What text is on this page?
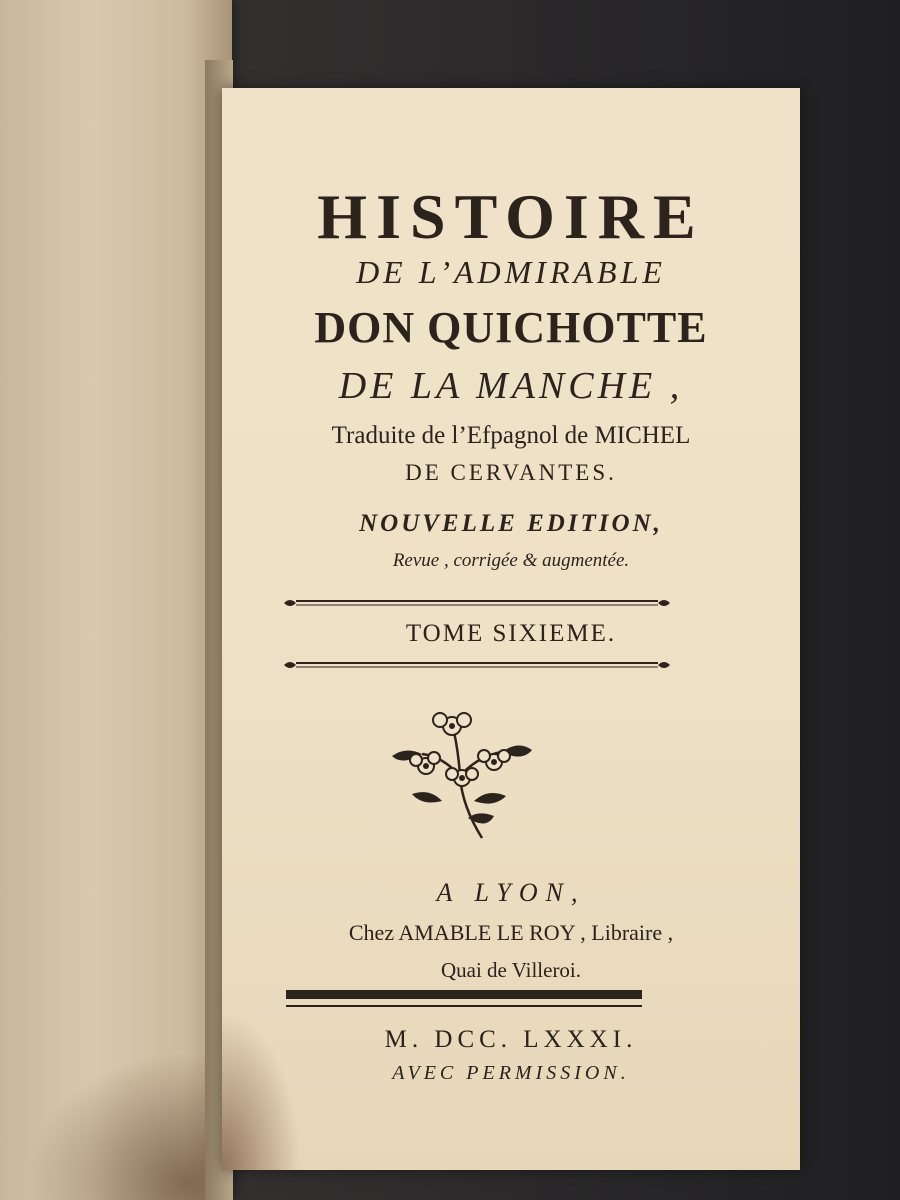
HISTOIRE
DE L’ADMIRABLE
DON QUICHOTTE
DE LA MANCHE ,
Traduite de l’Efpagnol de MICHEL
DE CERVANTES.
NOUVELLE EDITION,
Revue , corrigée & augmentée.
TOME SIXIEME.
A LYON,
Chez AMABLE LE ROY , Libraire ,
Quai de Villeroi.
M. DCC. LXXXI.
AVEC PERMISSION.
